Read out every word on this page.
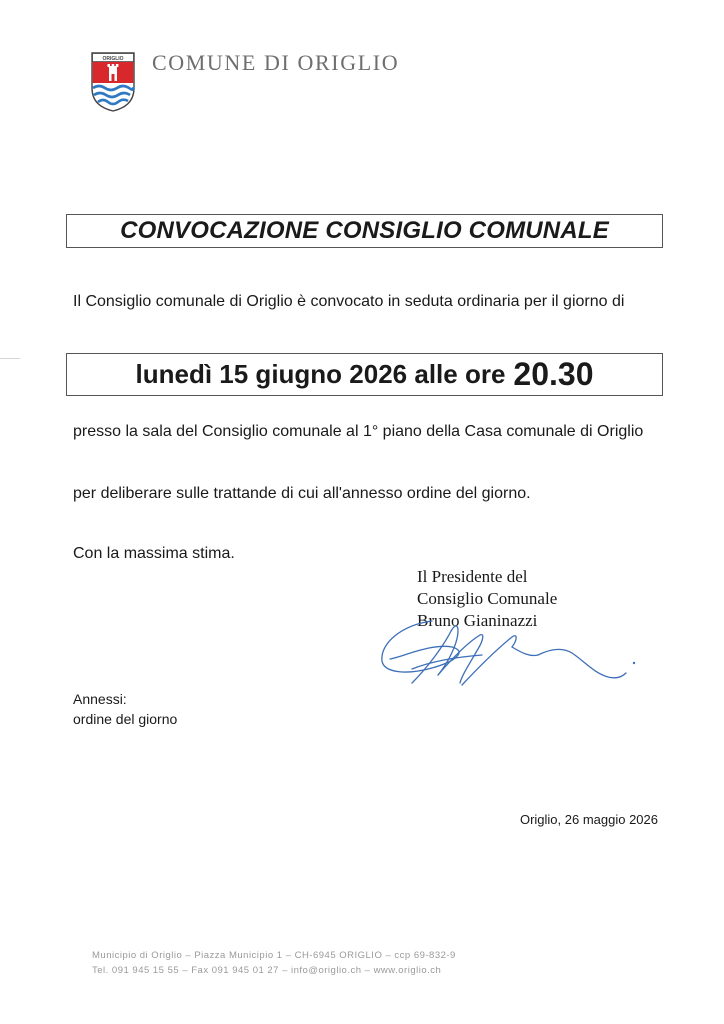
ORIGLIO COMUNE DI ORIGLIO
CONVOCAZIONE CONSIGLIO COMUNALE
Il Consiglio comunale di Origlio è convocato in seduta ordinaria per il giorno di
lunedì 15 giugno 2026 alle ore 20.30
presso la sala del Consiglio comunale al 1° piano della Casa comunale di Origlio
per deliberare sulle trattande di cui all'annesso ordine del giorno.
Con la massima stima.
Il Presidente del
Consiglio Comunale
Bruno Gianinazzi
Annessi:
ordine del giorno
Origlio, 26 maggio 2026
Municipio di Origlio – Piazza Municipio 1 – CH-6945 ORIGLIO – ccp 69-832-9
Tel. 091 945 15 55 – Fax 091 945 01 27 – info@origlio.ch – www.origlio.ch
